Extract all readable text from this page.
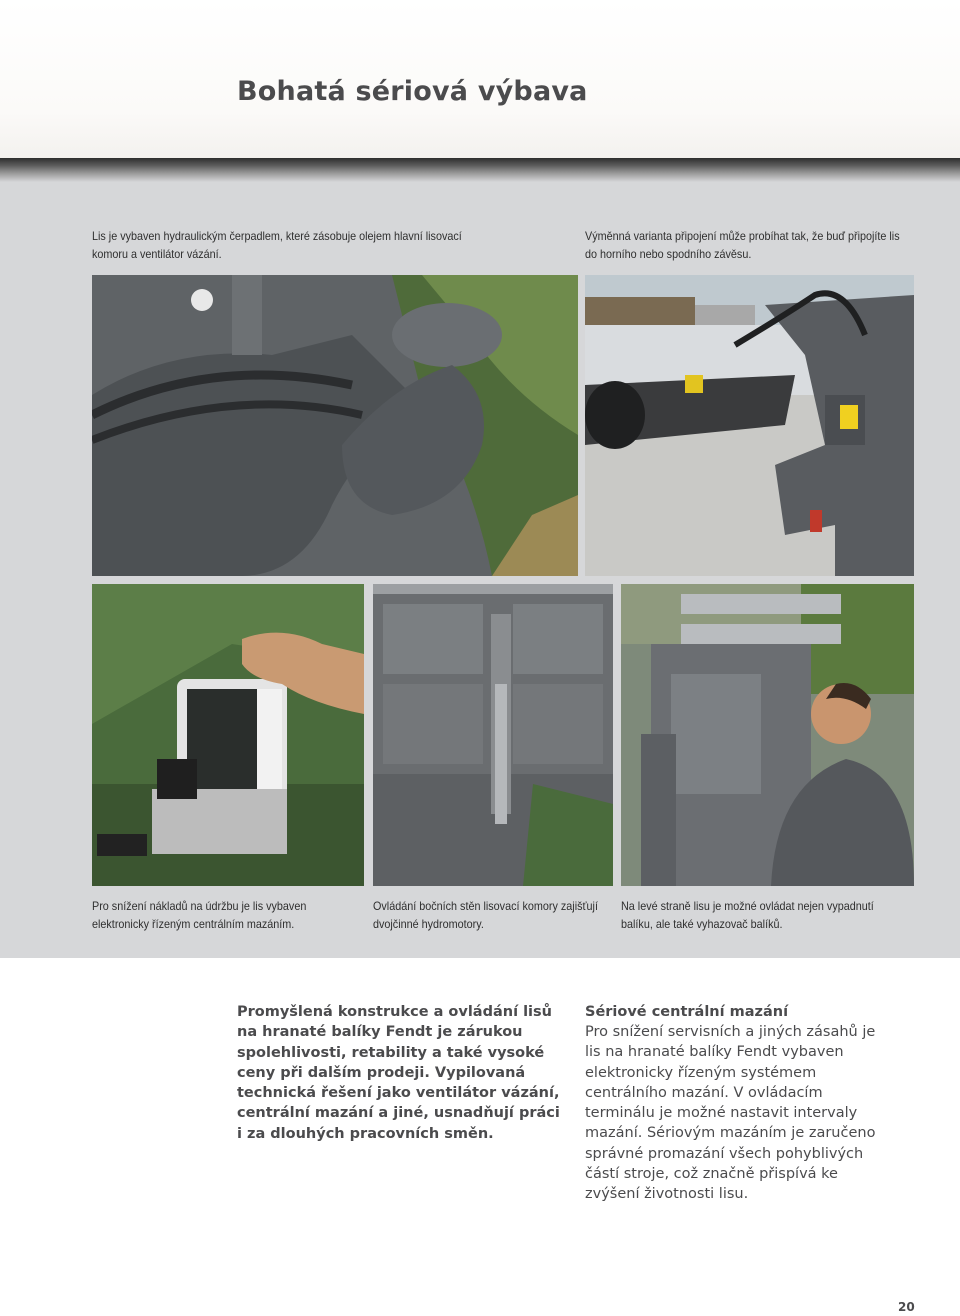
Bohatá sériová výbava

Lis je vybaven hydraulickým čerpadlem, které zásobuje olejem hlavní lisovací komoru a ventilátor vázání.

Výměnná varianta připojení může probíhat tak, že buď připojíte lis do horního nebo spodního závěsu.

Pro snížení nákladů na údržbu je lis vybaven elektronicky řízeným centrálním mazáním.

Ovládání bočních stěn lisovací komory zajišťují dvojčinné hydromotory.

Na levé straně lisu je možné ovládat nejen vypadnutí balíku, ale také vyhazovač balíků.

Promyšlená konstrukce a ovládání lisů na hranaté balíky Fendt je zárukou spolehlivosti, retability a také vysoké ceny při dalším prodeji. Vypilovaná technická řešení jako ventilátor vázání, centrální mazání a jiné, usnadňují práci i za dlouhých pracovních směn.

Sériové centrální mazání

Pro snížení servisních a jiných zásahů je lis na hranaté balíky Fendt vybaven elektronicky řízeným systémem centrálního mazání. V ovládacím terminálu je možné nastavit intervaly mazání. Sériovým mazáním je zaručeno správné promazání všech pohyblivých částí stroje, což značně přispívá ke zvýšení životnosti lisu.

20
